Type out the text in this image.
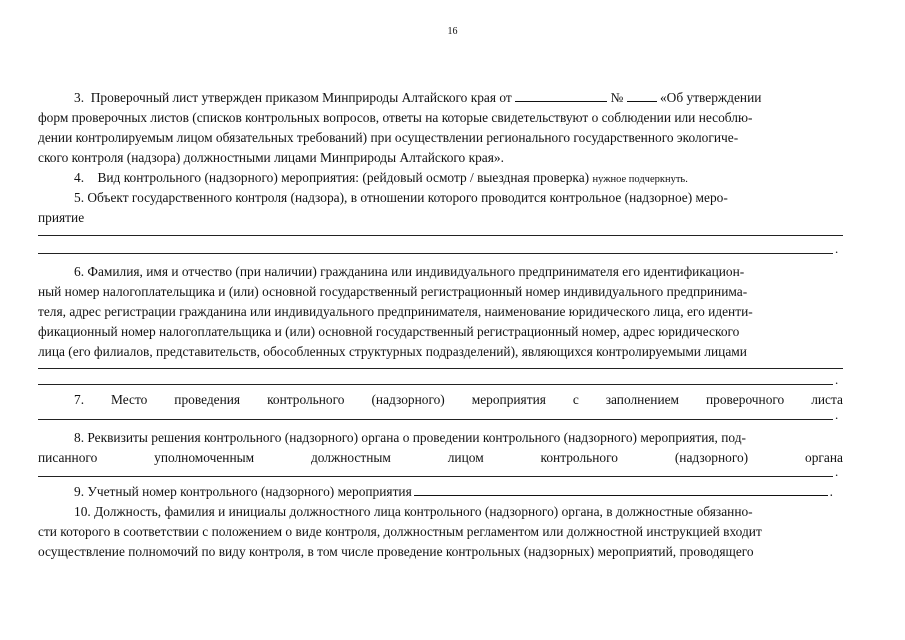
16
3. Проверочный лист утвержден приказом Минприроды Алтайского края от	№	«Об утверждении
форм проверочных листов (списков контрольных вопросов, ответы на которые свидетельствуют о соблюдении или несоблю-
дении контролируемым лицом обязательных требований) при осуществлении регионального государственного экологиче-
ского контроля (надзора) должностными лицами Минприроды Алтайского края».
4. Вид контрольного (надзорного) мероприятия: (рейдовый осмотр / выездная проверка) нужное подчеркнуть.
5. Объект государственного контроля (надзора), в отношении которого проводится контрольное (надзорное) меро-
приятие
.
6. Фамилия, имя и отчество (при наличии) гражданина или индивидуального предпринимателя его идентификацион-
ный номер налогоплательщика и (или) основной государственный регистрационный номер индивидуального предпринима-
теля, адрес регистрации гражданина или индивидуального предпринимателя, наименование юридического лица, его иденти-
фикационный номер налогоплательщика и (или) основной государственный регистрационный номер, адрес юридического
лица (его филиалов, представительств, обособленных структурных подразделений), являющихся контролируемыми лицами
.
7. Место проведения контрольного (надзорного) мероприятия с заполнением проверочного листа
.
8. Реквизиты решения контрольного (надзорного) органа о проведении контрольного (надзорного) мероприятия, под-
писанного	уполномоченным	должностным	лицом	контрольного	(надзорного)	органа
.
9. Учетный номер контрольного (надзорного) мероприятия	.
10. Должность, фамилия и инициалы должностного лица контрольного (надзорного) органа, в должностные обязанно-
сти которого в соответствии с положением о виде контроля, должностным регламентом или должностной инструкцией входит
осуществление полномочий по виду контроля, в том числе проведение контрольных (надзорных) мероприятий, проводящего
